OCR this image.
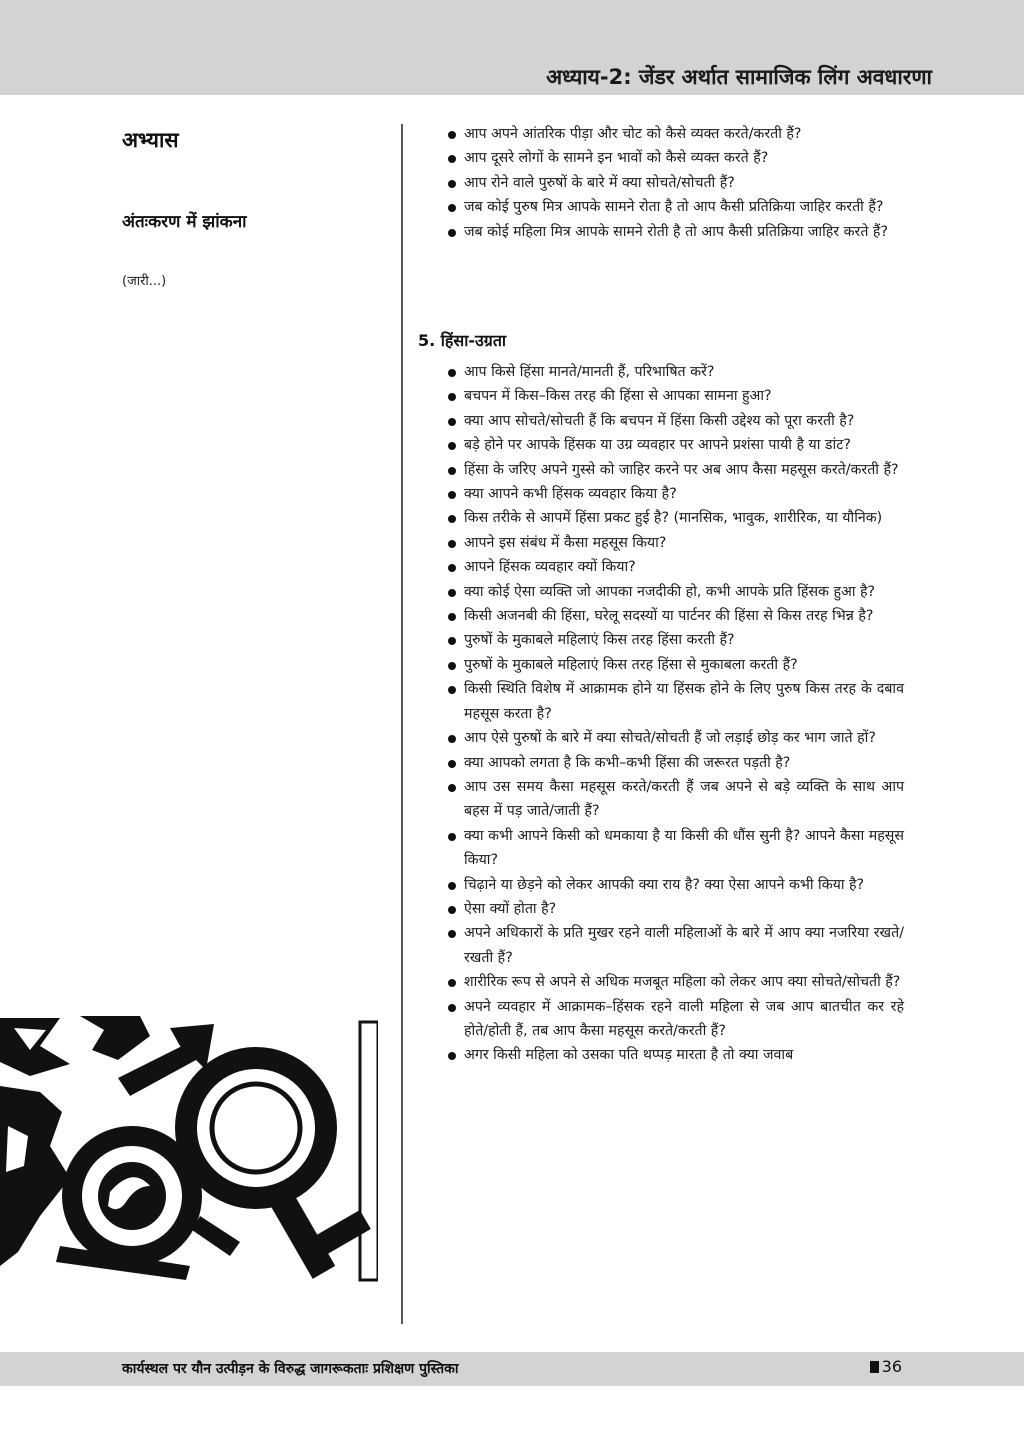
अध्याय-2: जेंडर अर्थात सामाजिक लिंग अवधारणा
अभ्यास
अंतःकरण में झांकना
(जारी...)
आप अपने आंतरिक पीड़ा और चोट को कैसे व्यक्त करते/करती हैं?
आप दूसरे लोगों के सामने इन भावों को कैसे व्यक्त करते हैं?
आप रोने वाले पुरुषों के बारे में क्या सोचते/सोचती हैं?
जब कोई पुरुष मित्र आपके सामने रोता है तो आप कैसी प्रतिक्रिया जाहिर करती हैं?
जब कोई महिला मित्र आपके सामने रोती है तो आप कैसी प्रतिक्रिया जाहिर करते हैं?
5. हिंसा-उग्रता
आप किसे हिंसा मानते/मानती हैं, परिभाषित करें?
बचपन में किस–किस तरह की हिंसा से आपका सामना हुआ?
क्या आप सोचते/सोचती हैं कि बचपन में हिंसा किसी उद्देश्य को पूरा करती है?
बड़े होने पर आपके हिंसक या उग्र व्यवहार पर आपने प्रशंसा पायी है या डांट?
हिंसा के जरिए अपने गुस्से को जाहिर करने पर अब आप कैसा महसूस करते/करती हैं?
क्या आपने कभी हिंसक व्यवहार किया है?
किस तरीके से आपमें हिंसा प्रकट हुई है? (मानसिक, भावुक, शारीरिक, या यौनिक)
आपने इस संबंध में कैसा महसूस किया?
आपने हिंसक व्यवहार क्यों किया?
क्या कोई ऐसा व्यक्ति जो आपका नजदीकी हो, कभी आपके प्रति हिंसक हुआ है?
किसी अजनबी की हिंसा, घरेलू सदस्यों या पार्टनर की हिंसा से किस तरह भिन्न है?
पुरुषों के मुकाबले महिलाएं किस तरह हिंसा करती हैं?
पुरुषों के मुकाबले महिलाएं किस तरह हिंसा से मुकाबला करती हैं?
किसी स्थिति विशेष में आक्रामक होने या हिंसक होने के लिए पुरुष किस तरह के दबाव महसूस करता है?
आप ऐसे पुरुषों के बारे में क्या सोचते/सोचती हैं जो लड़ाई छोड़ कर भाग जाते हों?
क्या आपको लगता है कि कभी–कभी हिंसा की जरूरत पड़ती है?
आप उस समय कैसा महसूस करते/करती हैं जब अपने से बड़े व्यक्ति के साथ आप बहस में पड़ जाते/जाती हैं?
क्या कभी आपने किसी को धमकाया है या किसी की धौंस सुनी है? आपने कैसा महसूस किया?
चिढ़ाने या छेड़ने को लेकर आपकी क्या राय है? क्या ऐसा आपने कभी किया है?
ऐसा क्यों होता है?
अपने अधिकारों के प्रति मुखर रहने वाली महिलाओं के बारे में आप क्या नजरिया रखते/रखती हैं?
शारीरिक रूप से अपने से अधिक मजबूत महिला को लेकर आप क्या सोचते/सोचती हैं?
अपने व्यवहार में आक्रामक–हिंसक रहने वाली महिला से जब आप बातचीत कर रहे होते/होती हैं, तब आप कैसा महसूस करते/करती हैं?
अगर किसी महिला को उसका पति थप्पड़ मारता है तो क्या जवाब
कार्यस्थल पर यौन उत्पीड़न के विरुद्ध जागरूकताः प्रशिक्षण पुस्तिका	36
